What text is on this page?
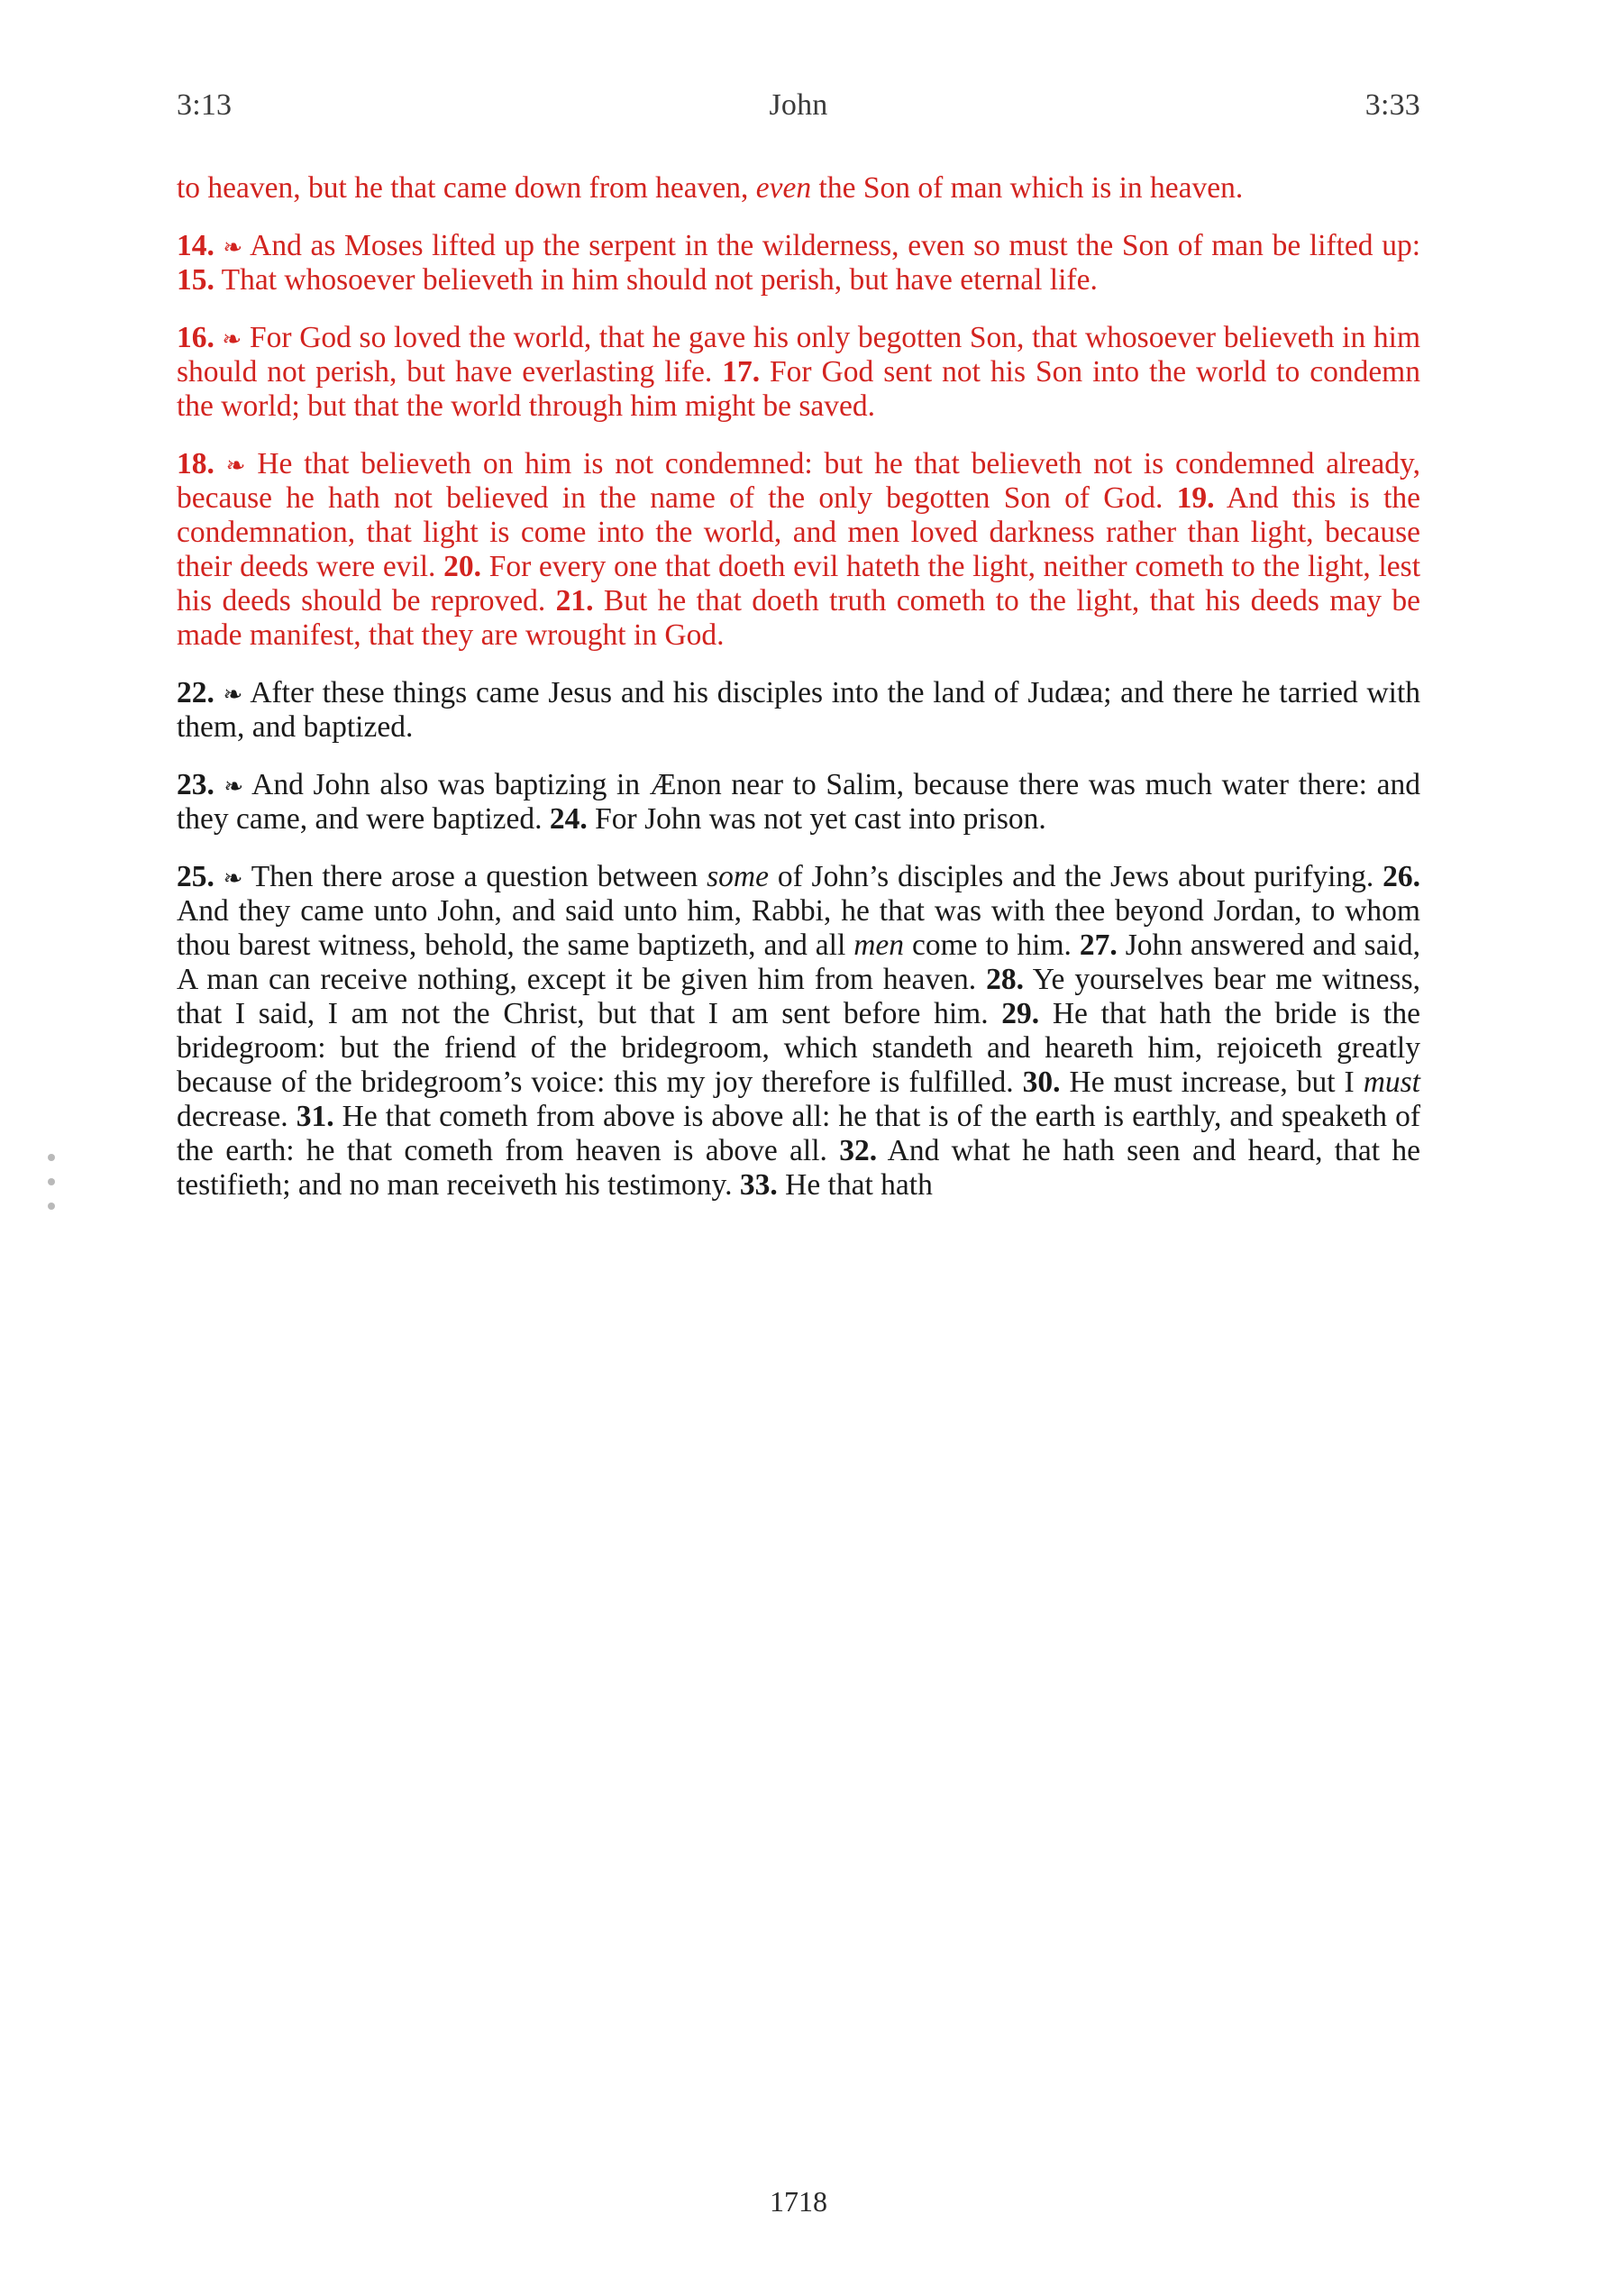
3:13	John	3:33

to heaven, but he that came down from heaven, even the Son of man which is in heaven.

14. ❧ And as Moses lifted up the serpent in the wilderness, even so must the Son of man be lifted up: 15. That whosoever believeth in him should not perish, but have eternal life.

16. ❧ For God so loved the world, that he gave his only begotten Son, that whosoever believeth in him should not perish, but have everlasting life. 17. For God sent not his Son into the world to condemn the world; but that the world through him might be saved.

18. ❧ He that believeth on him is not condemned: but he that believeth not is condemned already, because he hath not believed in the name of the only begotten Son of God. 19. And this is the condemnation, that light is come into the world, and men loved darkness rather than light, because their deeds were evil. 20. For every one that doeth evil hateth the light, neither cometh to the light, lest his deeds should be reproved. 21. But he that doeth truth cometh to the light, that his deeds may be made manifest, that they are wrought in God.

22. ❧ After these things came Jesus and his disciples into the land of Judæa; and there he tarried with them, and baptized.

23. ❧ And John also was baptizing in Ænon near to Salim, because there was much water there: and they came, and were baptized. 24. For John was not yet cast into prison.

25. ❧ Then there arose a question between some of John’s disciples and the Jews about purifying. 26. And they came unto John, and said unto him, Rabbi, he that was with thee beyond Jordan, to whom thou barest witness, behold, the same baptizeth, and all men come to him. 27. John answered and said, A man can receive nothing, except it be given him from heaven. 28. Ye yourselves bear me witness, that I said, I am not the Christ, but that I am sent before him. 29. He that hath the bride is the bridegroom: but the friend of the bridegroom, which standeth and heareth him, rejoiceth greatly because of the bridegroom’s voice: this my joy therefore is fulfilled. 30. He must increase, but I must decrease. 31. He that cometh from above is above all: he that is of the earth is earthly, and speaketh of the earth: he that cometh from heaven is above all. 32. And what he hath seen and heard, that he testifieth; and no man receiveth his testimony. 33. He that hath

1718
